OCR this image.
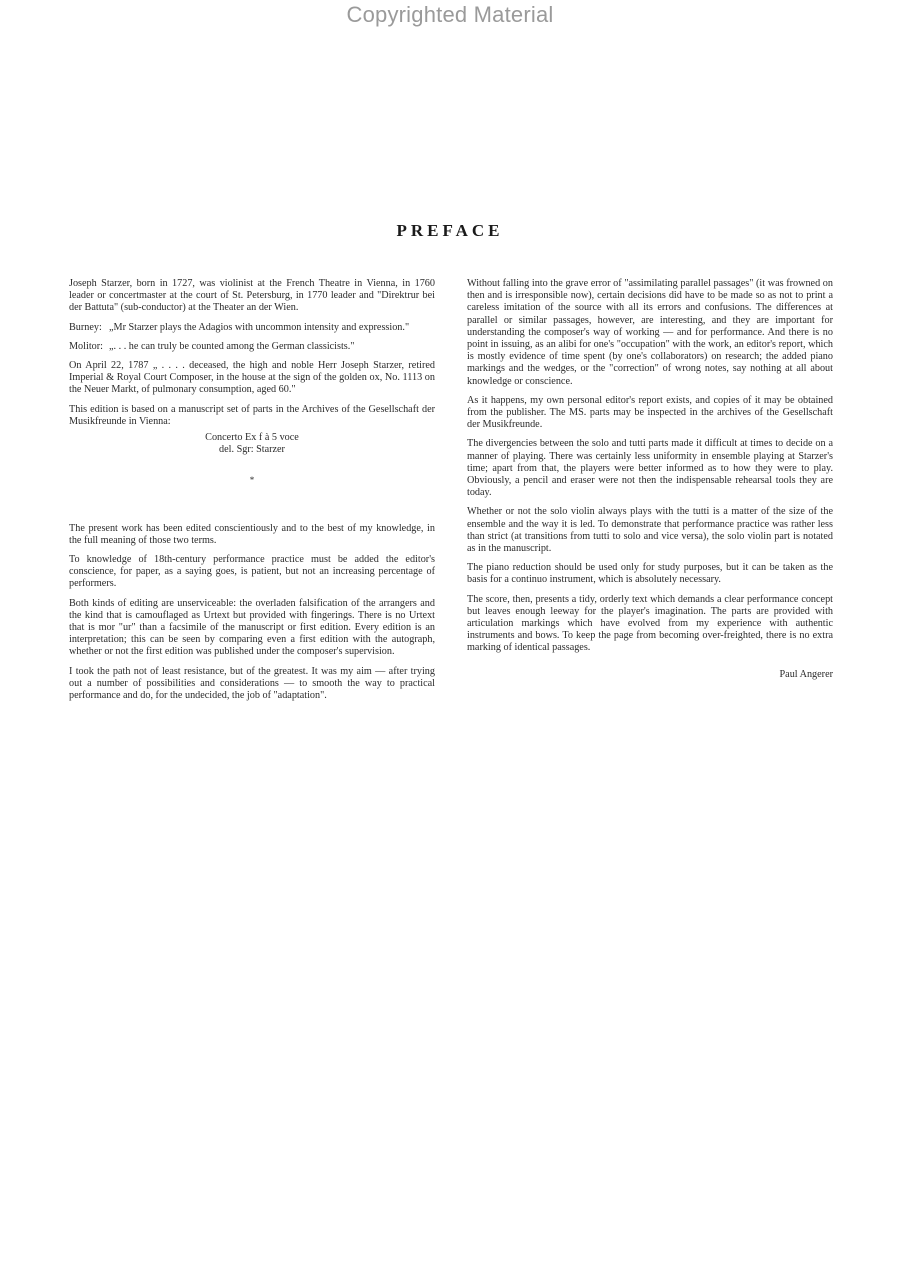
Copyrighted Material
PREFACE

Joseph Starzer, born in 1727, was violinist at the French Theatre in Vienna, in 1760 leader or concertmaster at the court of St. Petersburg, in 1770 leader and "Direktrur bei der Battuta" (sub-conductor) at the Theater an der Wien.

Burney: „Mr Starzer plays the Adagios with uncommon intensity and expression."
Molitor: „. . . he can truly be counted among the German classicists."

On April 22, 1787 „ . . . . deceased, the high and noble Herr Joseph Starzer, retired Imperial & Royal Court Composer, in the house at the sign of the golden ox, No. 1113 on the Neuer Markt, of pulmonary consumption, aged 60."

This edition is based on a manuscript set of parts in the Archives of the Gesellschaft der Musikfreunde in Vienna:

Concerto Ex f à 5 voce
del. Sgr: Starzer
*

The present work has been edited conscientiously and to the best of my knowledge, in the full meaning of those two terms.

To knowledge of 18th-century performance practice must be added the editor's conscience, for paper, as a saying goes, is patient, but not an increasing percentage of performers.

Both kinds of editing are unserviceable: the overladen falsification of the arrangers and the kind that is camouflaged as Urtext but provided with fingerings. There is no Urtext that is mor "ur" than a facsimile of the manuscript or first edition. Every edition is an interpretation; this can be seen by comparing even a first edition with the autograph, whether or not the first edition was published under the composer's supervision.

I took the path not of least resistance, but of the greatest. It was my aim — after trying out a number of possibilities and considerations — to smooth the way to practical performance and do, for the undecided, the job of "adaptation".

Without falling into the grave error of "assimilating parallel passages" (it was frowned on then and is irresponsible now), certain decisions did have to be made so as not to print a careless imitation of the source with all its errors and confusions. The differences at parallel or similar passages, however, are interesting, and they are important for understanding the composer's way of working — and for performance. And there is no point in issuing, as an alibi for one's "occupation" with the work, an editor's report, which is mostly evidence of time spent (by one's collaborators) on research; the added piano markings and the wedges, or the "correction" of wrong notes, say nothing at all about knowledge or conscience.

As it happens, my own personal editor's report exists, and copies of it may be obtained from the publisher. The MS. parts may be inspected in the archives of the Gesellschaft der Musikfreunde.

The divergencies between the solo and tutti parts made it difficult at times to decide on a manner of playing. There was certainly less uniformity in ensemble playing at Starzer's time; apart from that, the players were better informed as to how they were to play. Obviously, a pencil and eraser were not then the indispensable rehearsal tools they are today.

Whether or not the solo violin always plays with the tutti is a matter of the size of the ensemble and the way it is led. To demonstrate that performance practice was rather less than strict (at transitions from tutti to solo and vice versa), the solo violin part is notated as in the manuscript.

The piano reduction should be used only for study purposes, but it can be taken as the basis for a continuo instrument, which is absolutely necessary.

The score, then, presents a tidy, orderly text which demands a clear performance concept but leaves enough leeway for the player's imagination. The parts are provided with articulation markings which have evolved from my experience with authentic instruments and bows. To keep the page from becoming over-freighted, there is no extra marking of identical passages.

Paul Angerer
